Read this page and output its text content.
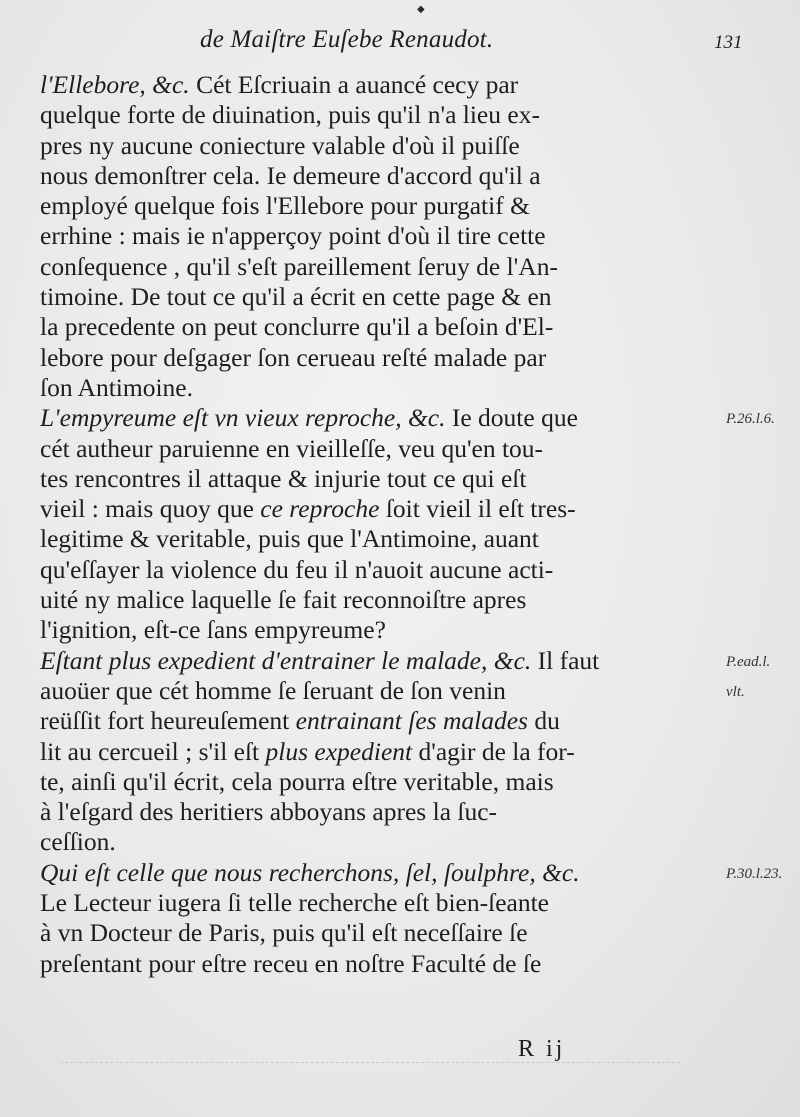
◆
de Maiſtre Euſebe Renaudot.	131
l'Ellebore, &c. Cét Eſcriuain a auancé cecy par
quelque forte de diuination, puis qu'il n'a lieu ex-
pres ny aucune coniecture valable d'où il puiſſe
nous demonſtrer cela. Ie demeure d'accord qu'il a
employé quelque fois l'Ellebore pour purgatif &
errhine : mais ie n'apperçoy point d'où il tire cette
conſequence , qu'il s'eſt pareillement ſeruy de l'An-
timoine. De tout ce qu'il a écrit en cette page & en
la precedente on peut conclurre qu'il a beſoin d'El-
lebore pour deſgager ſon cerueau reſté malade par
ſon Antimoine.
L'empyreume eſt vn vieux reproche, &c. Ie doute que
cét autheur paruienne en vieilleſſe, veu qu'en tou-
tes rencontres il attaque & injurie tout ce qui eſt
vieil : mais quoy que ce reproche ſoit vieil il eſt tres-
legitime & veritable, puis que l'Antimoine, auant
qu'eſſayer la violence du feu il n'auoit aucune acti-
uité ny malice laquelle ſe fait reconnoiſtre apres
l'ignition, eſt-ce ſans empyreume?
Eſtant plus expedient d'entrainer le malade, &c. Il faut
auoüer que cét homme ſe ſeruant de ſon venin
reüſſit fort heureuſement entrainant ſes malades du
lit au cercueil ; s'il eſt plus expedient d'agir de la for-
te, ainſi qu'il écrit, cela pourra eſtre veritable, mais
à l'eſgard des heritiers abboyans apres la ſuc-
ceſſion.
Qui eſt celle que nous recherchons, ſel, ſoulphre, &c.
Le Lecteur iugera ſi telle recherche eſt bien-ſeante
à vn Docteur de Paris, puis qu'il eſt neceſſaire ſe
preſentant pour eſtre receu en noſtre Faculté de ſe
P.26.l.6.
P.ead.l.
vlt.
P.30.l.23.
R ij
